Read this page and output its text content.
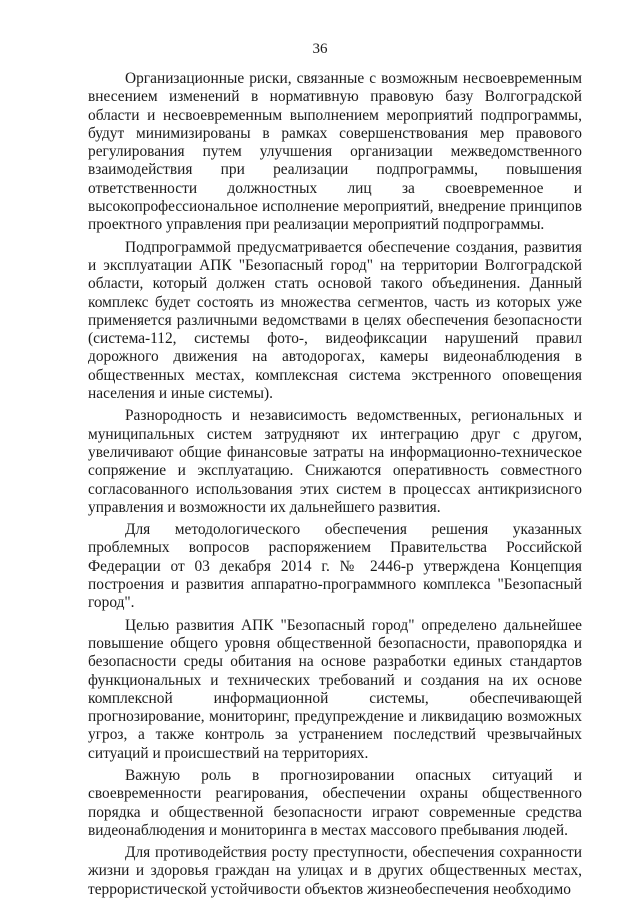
36

Организационные риски, связанные с возможным несвоевременным внесением изменений в нормативную правовую базу Волгоградской области и несвоевременным выполнением мероприятий подпрограммы, будут минимизированы в рамках совершенствования мер правового регулирования путем улучшения организации межведомственного взаимодействия при реализации подпрограммы, повышения ответственности должностных лиц за своевременное и высокопрофессиональное исполнение мероприятий, внедрение принципов проектного управления при реализации мероприятий подпрограммы.

Подпрограммой предусматривается обеспечение создания, развития и эксплуатации АПК "Безопасный город" на территории Волгоградской области, который должен стать основой такого объединения. Данный комплекс будет состоять из множества сегментов, часть из которых уже применяется различными ведомствами в целях обеспечения безопасности (система-112, системы фото-, видеофиксации нарушений правил дорожного движения на автодорогах, камеры видеонаблюдения в общественных местах, комплексная система экстренного оповещения населения и иные системы).

Разнородность и независимость ведомственных, региональных и муниципальных систем затрудняют их интеграцию друг с другом, увеличивают общие финансовые затраты на информационно-техническое сопряжение и эксплуатацию. Снижаются оперативность совместного согласованного использования этих систем в процессах антикризисного управления и возможности их дальнейшего развития.

Для методологического обеспечения решения указанных проблемных вопросов распоряжением Правительства Российской Федерации от 03 декабря 2014 г. № 2446-р утверждена Концепция построения и развития аппаратно-программного комплекса "Безопасный город".

Целью развития АПК "Безопасный город" определено дальнейшее повышение общего уровня общественной безопасности, правопорядка и безопасности среды обитания на основе разработки единых стандартов функциональных и технических требований и создания на их основе комплексной информационной системы, обеспечивающей прогнозирование, мониторинг, предупреждение и ликвидацию возможных угроз, а также контроль за устранением последствий чрезвычайных ситуаций и происшествий на территориях.

Важную роль в прогнозировании опасных ситуаций и своевременности реагирования, обеспечении охраны общественного порядка и общественной безопасности играют современные средства видеонаблюдения и мониторинга в местах массового пребывания людей.

Для противодействия росту преступности, обеспечения сохранности жизни и здоровья граждан на улицах и в других общественных местах, террористической устойчивости объектов жизнеобеспечения необходимо
